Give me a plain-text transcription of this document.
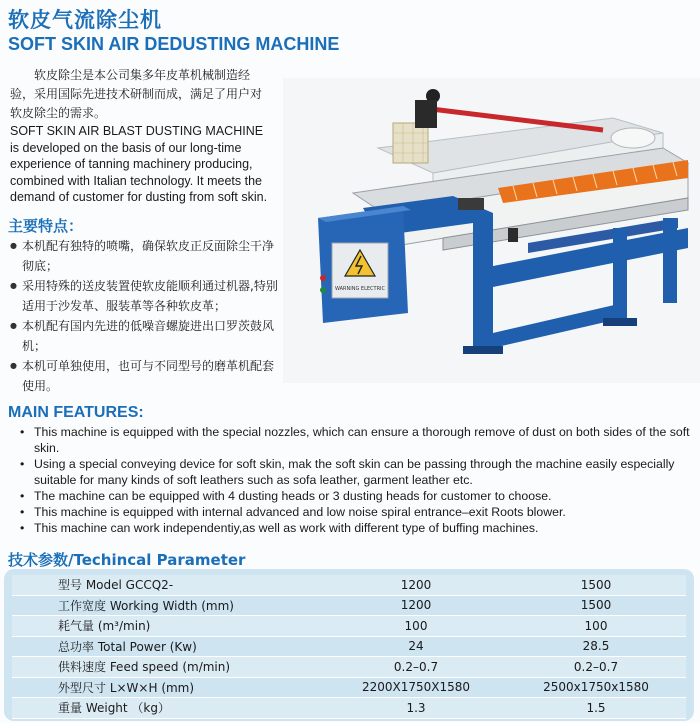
软皮气流除尘机
SOFT SKIN AIR DEDUSTING MACHINE
软皮除尘是本公司集多年皮革机械制造经验，采用国际先进技术研制而成，满足了用户对软皮除尘的需求。
SOFT SKIN AIR BLAST DUSTING MACHINE is developed on the basis of our long-time experience of tanning machinery producing, combined with Italian technology. It meets the demand of customer for dusting from soft skin.
WARNING ELECTRIC
主要特点：
● 本机配有独特的喷嘴，确保软皮正反面除尘干净彻底；
● 采用特殊的送皮装置使软皮能顺利通过机器,特别适用于沙发革、服装革等各种软皮革；
● 本机配有国内先进的低噪音螺旋进出口罗茨鼓风机；
● 本机可单独使用，也可与不同型号的磨革机配套使用。
MAIN FEATURES:
• This machine is equipped with the special nozzles, which can ensure a thorough remove of dust on both sides of the soft skin.
• Using a special conveying device for soft skin, mak the soft skin can be passing through the machine easily especially suitable for many kinds of soft leathers such as sofa leather, garment leather etc.
• The machine can be equipped with 4 dusting heads or 3 dusting heads for customer to choose.
• This machine is equipped with internal advanced and low noise spiral entrance–exit Roots blower.
• This machine can work independentiy,as well as work with different type of buffing machines.
技术参数/Techincal Parameter
型号 Model GCCQ2-	1200	1500
工作宽度 Working Width (mm)	1200	1500
耗气量 (m³/min)	100	100
总功率 Total Power (Kw)	24	28.5
供料速度 Feed speed (m/min)	0.2–0.7	0.2–0.7
外型尺寸 L×W×H (mm)	2200X1750X1580	2500x1750x1580
重量 Weight （kg）	1.3	1.5
